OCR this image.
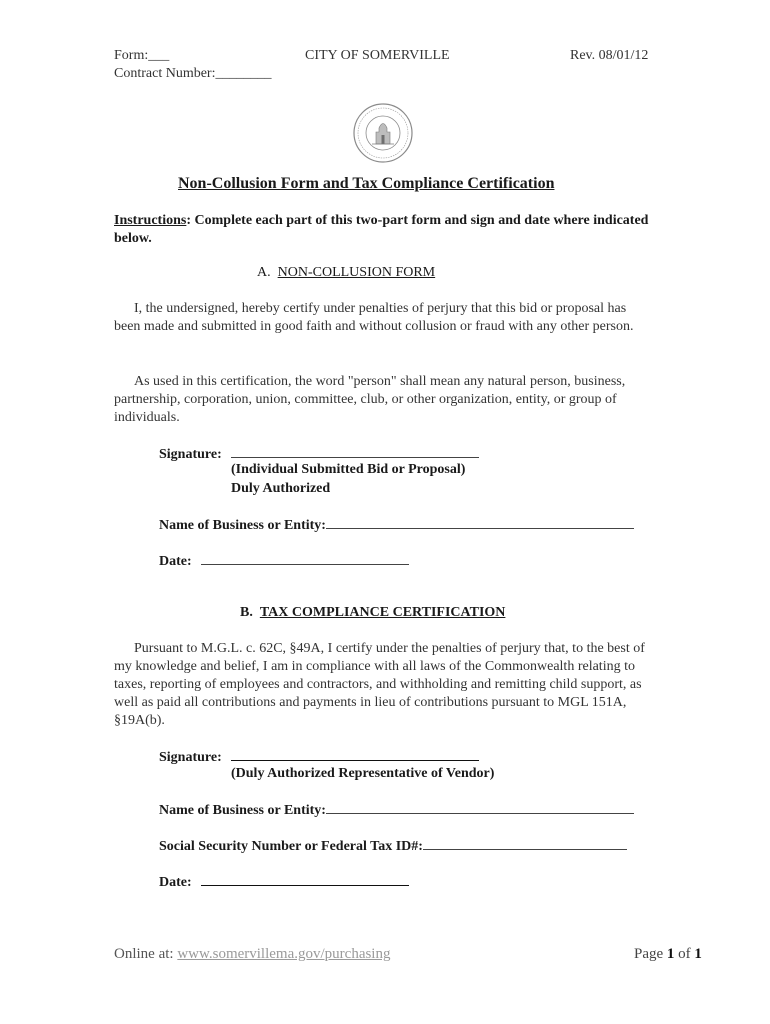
Form:___
Contract Number:________
CITY OF SOMERVILLE	Rev. 08/01/12
Non-Collusion Form and Tax Compliance Certification
Instructions: Complete each part of this two-part form and sign and date where indicated below.
A. NON-COLLUSION FORM
I, the undersigned, hereby certify under penalties of perjury that this bid or proposal has been made and submitted in good faith and without collusion or fraud with any other person.
As used in this certification, the word "person" shall mean any natural person, business, partnership, corporation, union, committee, club, or other organization, entity, or group of individuals.
Signature:
(Individual Submitted Bid or Proposal)
Duly Authorized
Name of Business or Entity:
Date:
B. TAX COMPLIANCE CERTIFICATION
Pursuant to M.G.L. c. 62C, §49A, I certify under the penalties of perjury that, to the best of my knowledge and belief, I am in compliance with all laws of the Commonwealth relating to taxes, reporting of employees and contractors, and withholding and remitting child support, as well as paid all contributions and payments in lieu of contributions pursuant to MGL 151A, §19A(b).
Signature:
(Duly Authorized Representative of Vendor)
Name of Business or Entity:
Social Security Number or Federal Tax ID#:
Date:
Online at: www.somervillema.gov/purchasing	Page 1 of 1
